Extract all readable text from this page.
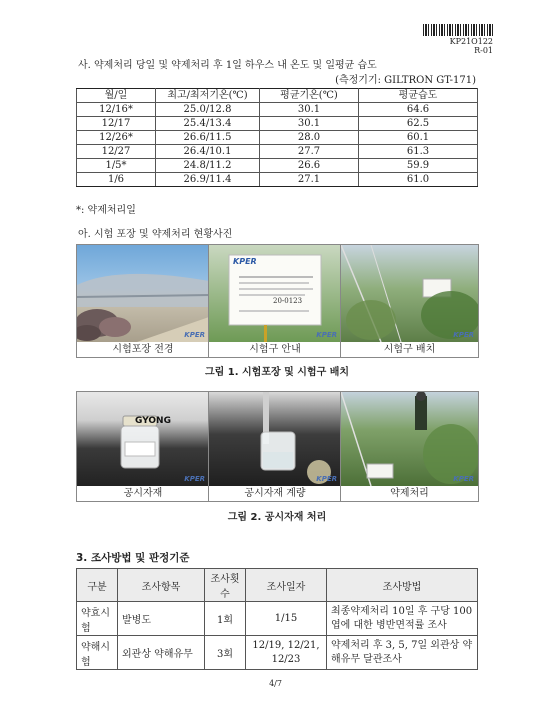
KP21O122
R-01
사. 약제처리 당일 및 약제처리 후 1일 하우스 내 온도 및 일평균 습도
(측정기기: GILTRON GT-171)
월/일	최고/최저기온(℃)	평균기온(℃)	평균습도
12/16*	25.0/12.8	30.1	64.6
12/17	25.4/13.4	30.1	62.5
12/26*	26.6/11.5	28.0	60.1
12/27	26.4/10.1	27.7	61.3
1/5*	24.8/11.2	26.6	59.9
1/6	26.9/11.4	27.1	61.0
*: 약제처리일
아. 시험 포장 및 약제처리 현황사진
KPER
KPER
20-0123
KPER	KPER
시험포장 전경	시험구 안내	시험구 배치
그림 1. 시험포장 및 시험구 배치
GYONG
KPER	KPER	KPER
공시자재	공시자재 계량	약제처리
그림 2. 공시자재 처리
3. 조사방법 및 판정기준
구분	조사항목	조사횟수	조사일자	조사방법
약효시험	발병도	1회	1/15	최종약제처리 10일 후 구당 100엽에 대한 병반면적률 조사
약해시험	외관상 약해유무	3회	12/19, 12/21, 12/23	약제처리 후 3, 5, 7일 외관상 약해유무 달관조사
4/7
